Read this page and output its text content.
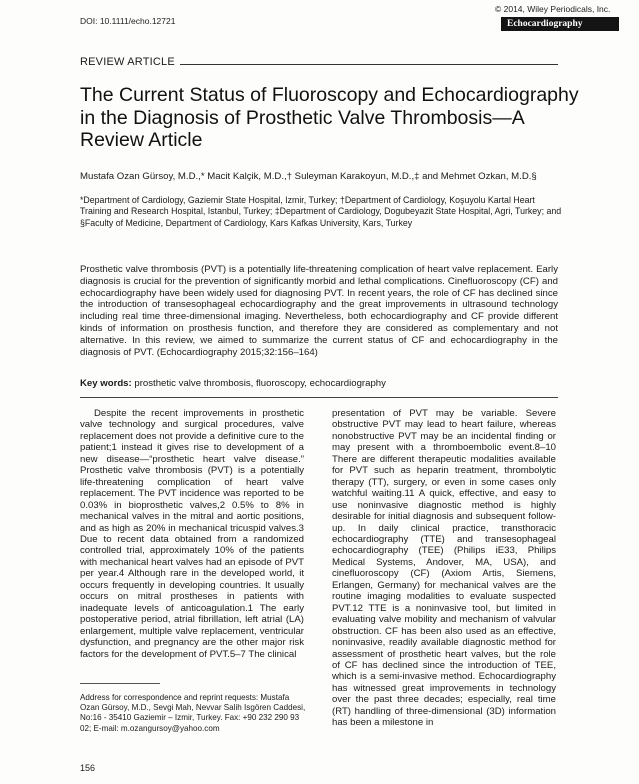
DOI: 10.1111/echo.12721
© 2014, Wiley Periodicals, Inc.
Echocardiography
REVIEW ARTICLE
The Current Status of Fluoroscopy and Echocardiography in the Diagnosis of Prosthetic Valve Thrombosis—A Review Article
Mustafa Ozan Gürsoy, M.D.,* Macit Kalçik, M.D.,† Suleyman Karakoyun, M.D.,‡ and Mehmet Ozkan, M.D.§
*Department of Cardiology, Gaziemir State Hospital, Izmir, Turkey; †Department of Cardiology, Koşuyolu Kartal Heart Training and Research Hospital, Istanbul, Turkey; ‡Department of Cardiology, Dogubeyazit State Hospital, Agri, Turkey; and §Faculty of Medicine, Department of Cardiology, Kars Kafkas University, Kars, Turkey
Prosthetic valve thrombosis (PVT) is a potentially life-threatening complication of heart valve replacement. Early diagnosis is crucial for the prevention of significantly morbid and lethal complications. Cinefluoroscopy (CF) and echocardiography have been widely used for diagnosing PVT. In recent years, the role of CF has declined since the introduction of transesophageal echocardiography and the great improvements in ultrasound technology including real time three-dimensional imaging. Nevertheless, both echocardiography and CF provide different kinds of information on prosthesis function, and therefore they are considered as complementary and not alternative. In this review, we aimed to summarize the current status of CF and echocardiography in the diagnosis of PVT. (Echocardiography 2015;32:156–164)
Key words: prosthetic valve thrombosis, fluoroscopy, echocardiography

Despite the recent improvements in prosthetic valve technology and surgical procedures, valve replacement does not provide a definitive cure to the patient;1 instead it gives rise to development of a new disease—“prosthetic heart valve disease.” Prosthetic valve thrombosis (PVT) is a potentially life-threatening complication of heart valve replacement. The PVT incidence was reported to be 0.03% in bioprosthetic valves,2 0.5% to 8% in mechanical valves in the mitral and aortic positions, and as high as 20% in mechanical tricuspid valves.3 Due to recent data obtained from a randomized controlled trial, approximately 10% of the patients with mechanical heart valves had an episode of PVT per year.4 Although rare in the developed world, it occurs frequently in developing countries. It usually occurs on mitral prostheses in patients with inadequate levels of anticoagulation.1 The early postoperative period, atrial fibrillation, left atrial (LA) enlargement, multiple valve replacement, ventricular dysfunction, and pregnancy are the other major risk factors for the development of PVT.5–7 The clinical

presentation of PVT may be variable. Severe obstructive PVT may lead to heart failure, whereas nonobstructive PVT may be an incidental finding or may present with a thromboembolic event.8–10 There are different therapeutic modalities available for PVT such as heparin treatment, thrombolytic therapy (TT), surgery, or even in some cases only watchful waiting.11 A quick, effective, and easy to use noninvasive diagnostic method is highly desirable for initial diagnosis and subsequent follow-up. In daily clinical practice, transthoracic echocardiography (TTE) and transesophageal echocardiography (TEE) (Philips iE33, Philips Medical Systems, Andover, MA, USA), and cinefluoroscopy (CF) (Axiom Artis, Siemens, Erlangen, Germany) for mechanical valves are the routine imaging modalities to evaluate suspected PVT.12 TTE is a noninvasive tool, but limited in evaluating valve mobility and mechanism of valvular obstruction. CF has been also used as an effective, noninvasive, readily available diagnostic method for assessment of prosthetic heart valves, but the role of CF has declined since the introduction of TEE, which is a semi-invasive method. Echocardiography has witnessed great improvements in technology over the past three decades; especially, real time (RT) handling of three-dimensional (3D) information has been a milestone in

Address for correspondence and reprint requests: Mustafa Ozan Gürsoy, M.D., Sevgi Mah, Nevvar Salih Isgören Caddesi, No:16 - 35410 Gaziemir – Izmir, Turkey. Fax: +90 232 290 93 02; E-mail: m.ozangursoy@yahoo.com
156
